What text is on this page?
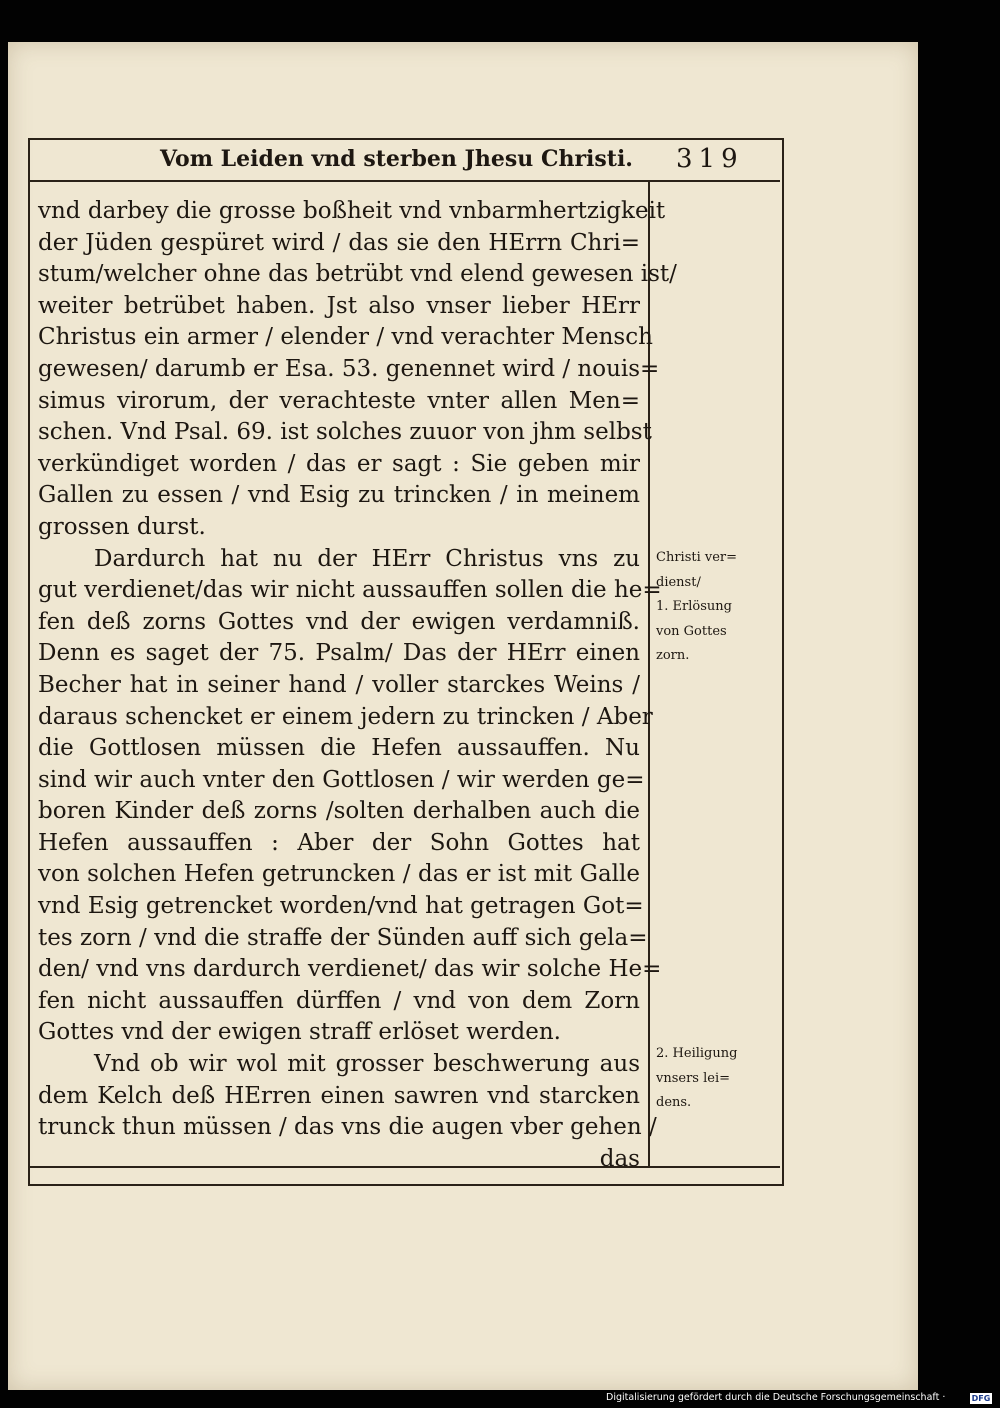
Vom Leiden vnd sterben Jhesu Christi. 319
vnd darbey die grosse boßheit vnd vnbarmhertzigkeit
der Jüden gespüret wird / das sie den HErrn Chri=
stum/welcher ohne das betrübt vnd elend gewesen ist/
weiter betrübet haben. Jst also vnser lieber HErr
Christus ein armer / elender / vnd verachter Mensch
gewesen/ darumb er Esa. 53. genennet wird / nouis=
simus virorum, der verachteste vnter allen Men=
schen. Vnd Psal. 69. ist solches zuuor von jhm selbst
verkündiget worden / das er sagt : Sie geben mir
Gallen zu essen / vnd Esig zu trincken / in meinem
grossen durst.
Dardurch hat nu der HErr Christus vns zu
gut verdienet/das wir nicht aussauffen sollen die he=
fen deß zorns Gottes vnd der ewigen verdamniß.
Denn es saget der 75. Psalm/ Das der HErr einen
Becher hat in seiner hand / voller starckes Weins /
daraus schencket er einem jedern zu trincken / Aber
die Gottlosen müssen die Hefen aussauffen. Nu
sind wir auch vnter den Gottlosen / wir werden ge=
boren Kinder deß zorns /solten derhalben auch die
Hefen aussauffen : Aber der Sohn Gottes hat
von solchen Hefen getruncken / das er ist mit Galle
vnd Esig getrencket worden/vnd hat getragen Got=
tes zorn / vnd die straffe der Sünden auff sich gela=
den/ vnd vns dardurch verdienet/ das wir solche He=
fen nicht aussauffen dürffen / vnd von dem Zorn
Gottes vnd der ewigen straff erlöset werden.
Vnd ob wir wol mit grosser beschwerung aus
dem Kelch deß HErren einen sawren vnd starcken
trunck thun müssen / das vns die augen vber gehen /
das
Christi ver=
dienst/
1. Erlösung
von Gottes
zorn.
2. Heiligung
vnsers lei=
dens.
Digitalisierung gefördert durch die Deutsche Forschungsgemeinschaft ·	DFG
